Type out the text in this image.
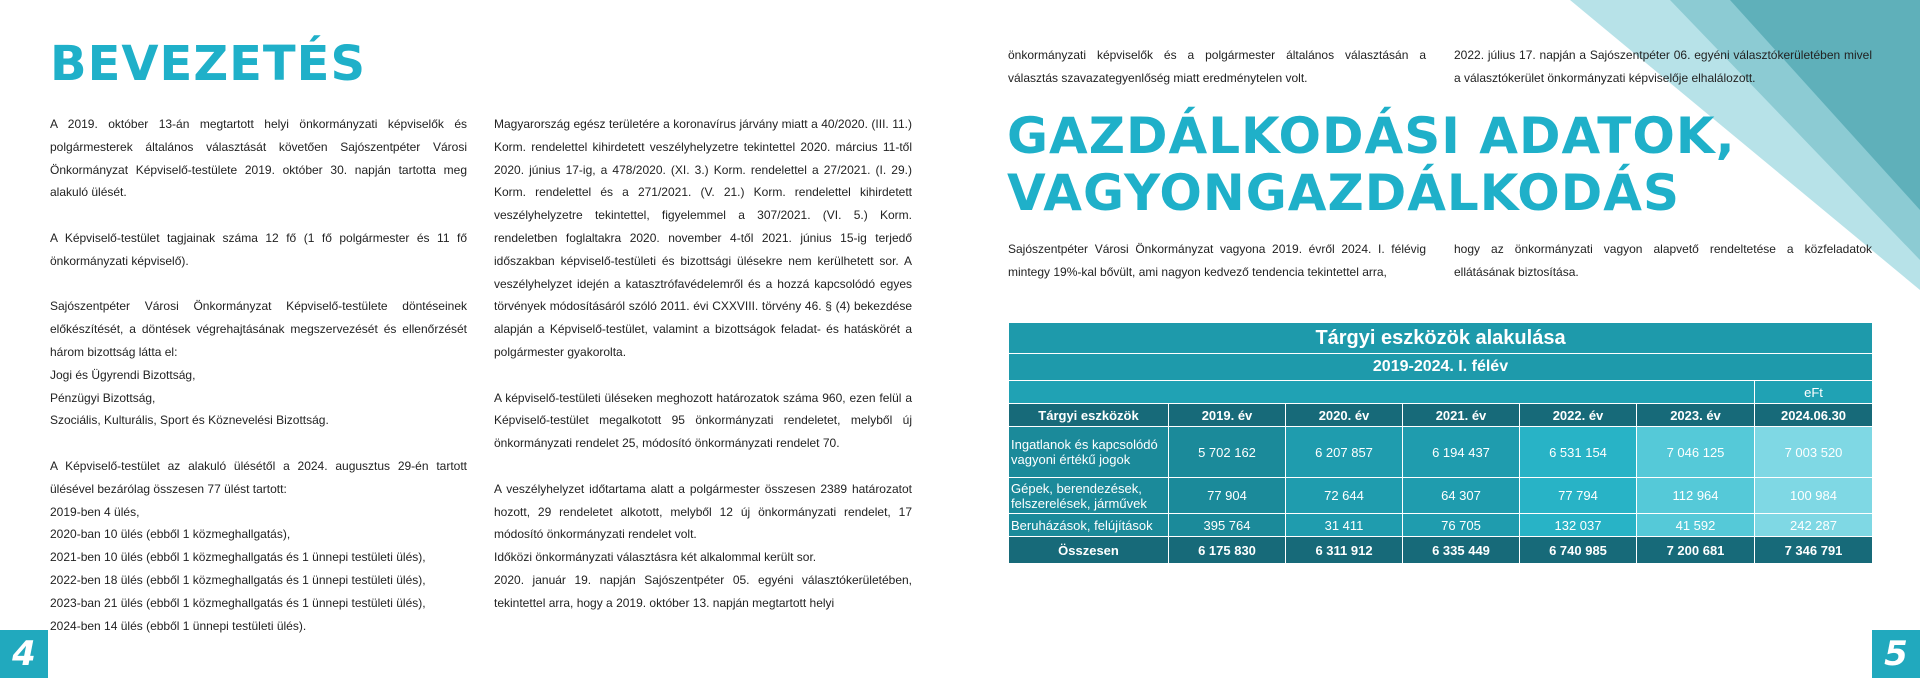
BEVEZETÉS

A 2019. október 13-án megtartott helyi önkormányzati képviselők és polgármesterek általános választását követően Sajószentpéter Városi Önkormányzat Képviselő-testülete 2019. október 30. napján tartotta meg alakuló ülését.

A Képviselő-testület tagjainak száma 12 fő (1 fő polgármester és 11 fő önkormányzati képviselő).

Sajószentpéter Városi Önkormányzat Képviselő-testülete döntéseinek előkészítését, a döntések végrehajtásának megszervezését és ellenőrzését három bizottság látta el:

Jogi és Ügyrendi Bizottság,
Pénzügyi Bizottság,
Szociális, Kulturális, Sport és Köznevelési Bizottság.

A Képviselő-testület az alakuló ülésétől a 2024. augusztus 29-én tartott ülésével bezárólag összesen 77 ülést tartott:

2019-ben 4 ülés,
2020-ban 10 ülés (ebből 1 közmeghallgatás),
2021-ben 10 ülés (ebből 1 közmeghallgatás és 1 ünnepi testületi ülés),
2022-ben 18 ülés (ebből 1 közmeghallgatás és 1 ünnepi testületi ülés),
2023-ban 21 ülés (ebből 1 közmeghallgatás és 1 ünnepi testületi ülés),
2024-ben 14 ülés (ebből 1 ünnepi testületi ülés).

Magyarország egész területére a koronavírus járvány miatt a 40/2020. (III. 11.) Korm. rendelettel kihirdetett veszélyhelyzetre tekintettel 2020. március 11-től 2020. június 17-ig, a 478/2020. (XI. 3.) Korm. rendelettel a 27/2021. (I. 29.) Korm. rendelettel és a 271/2021. (V. 21.) Korm. rendelettel kihirdetett veszélyhelyzetre tekintettel, figyelemmel a 307/2021. (VI. 5.) Korm. rendeletben foglaltakra 2020. november 4-től 2021. június 15-ig terjedő időszakban képviselő-testületi és bizottsági ülésekre nem kerülhetett sor. A veszélyhelyzet idején a katasztrófavédelemről és a hozzá kapcsolódó egyes törvények módosításáról szóló 2011. évi CXXVIII. törvény 46. § (4) bekezdése alapján a Képviselő-testület, valamint a bizottságok feladat- és hatáskörét a polgármester gyakorolta.

A képviselő-testületi üléseken meghozott határozatok száma 960, ezen felül a Képviselő-testület megalkotott 95 önkormányzati rendeletet, melyből új önkormányzati rendelet 25, módosító önkormányzati rendelet 70.

A veszélyhelyzet időtartama alatt a polgármester összesen 2389 határozatot hozott, 29 rendeletet alkotott, melyből 12 új önkormányzati rendelet, 17 módosító önkormányzati rendelet volt.

Időközi önkormányzati választásra két alkalommal került sor.

2020. január 19. napján Sajószentpéter 05. egyéni választókerületében, tekintettel arra, hogy a 2019. október 13. napján megtartott helyi

4

önkormányzati képviselők és a polgármester általános választásán a választás szavazategyenlőség miatt eredménytelen volt.

2022. július 17. napján a Sajószentpéter 06. egyéni választókerületében mivel a választókerület önkormányzati képviselője elhalálozott.

GAZDÁLKODÁSI ADATOK, VAGYONGAZDÁLKODÁS

Sajószentpéter Városi Önkormányzat vagyona 2019. évről 2024. I. félévig mintegy 19%-kal bővült, ami nagyon kedvező tendencia tekintettel arra,

hogy az önkormányzati vagyon alapvető rendeltetése a közfeladatok ellátásának biztosítása.

Tárgyi eszközök alakulása						
2019-2024. I. félév						
						eFt
Tárgyi eszközök	2019. év	2020. év	2021. év	2022. év	2023. év	2024.06.30
Ingatlanok és kapcsolódó vagyoni értékű jogok	5 702 162	6 207 857	6 194 437	6 531 154	7 046 125	7 003 520
Gépek, berendezések, felszerelések, járművek	77 904	72 644	64 307	77 794	112 964	100 984
Beruházások, felújítások	395 764	31 411	76 705	132 037	41 592	242 287
Összesen	6 175 830	6 311 912	6 335 449	6 740 985	7 200 681	7 346 791
5
